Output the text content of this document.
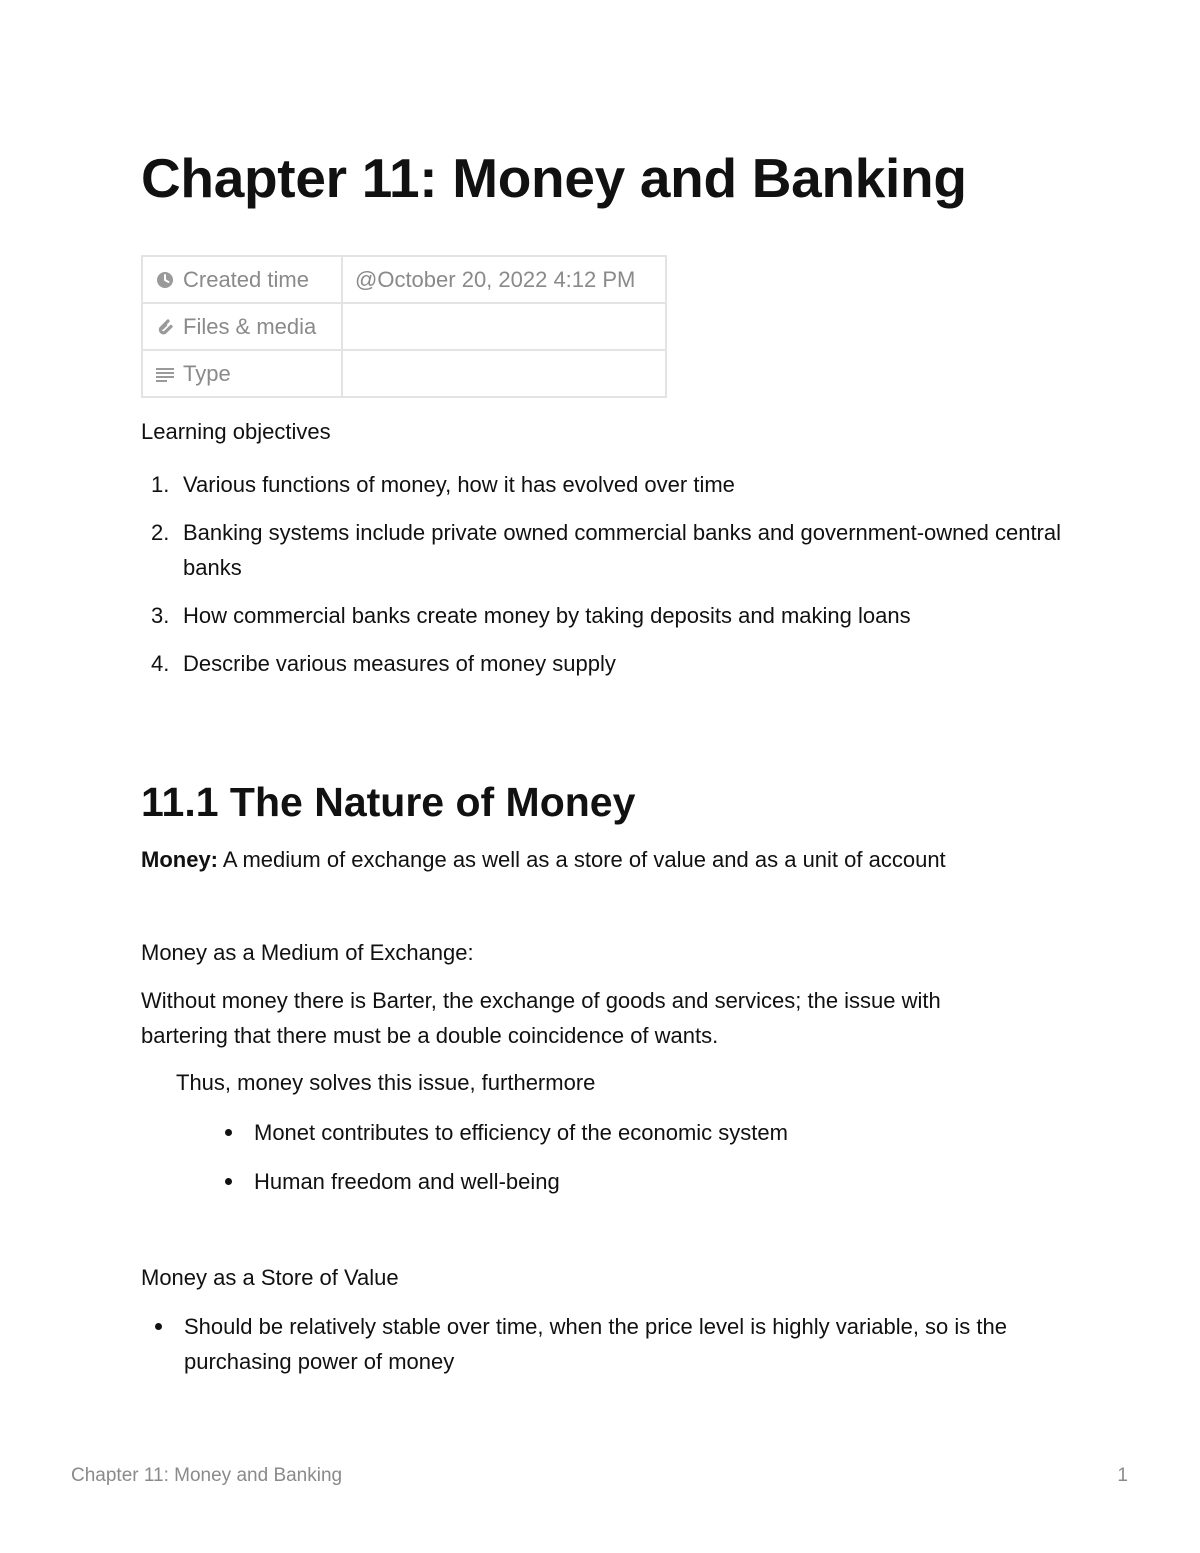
Chapter 11: Money and Banking
Created time	@October 20, 2022 4:12 PM
Files & media	
Type	

Learning objectives

1. Various functions of money, how it has evolved over time
2. Banking systems include private owned commercial banks and government-owned central banks
3. How commercial banks create money by taking deposits and making loans
4. Describe various measures of money supply
11.1 The Nature of Money

Money: A medium of exchange as well as a store of value and as a unit of account

Money as a Medium of Exchange:

Without money there is Barter, the exchange of goods and services; the issue with bartering that there must be a double coincidence of wants.

Thus, money solves this issue, furthermore

Monet contributes to efficiency of the economic system
Human freedom and well-being

Money as a Store of Value

Should be relatively stable over time, when the price level is highly variable, so is the purchasing power of money
Chapter 11: Money and Banking	1
